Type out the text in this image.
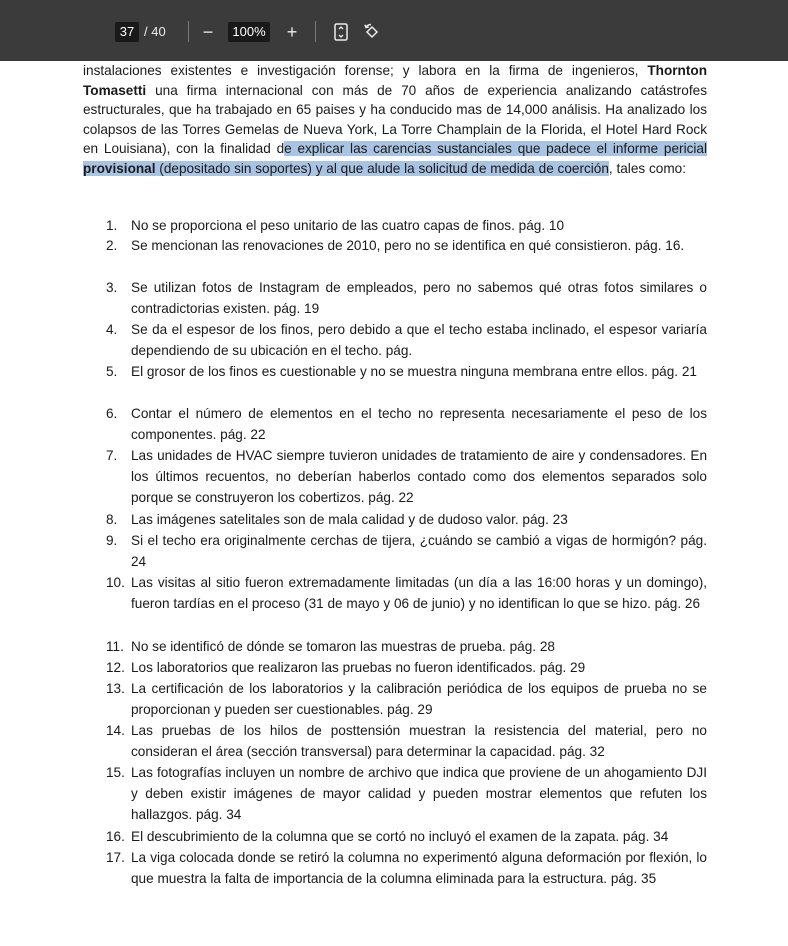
37 / 40 −	100% +

instalaciones existentes e investigación forense; y labora en la firma de ingenieros, Thornton Tomasetti una firma internacional con más de 70 años de experiencia analizando catástrofes estructurales, que ha trabajado en 65 paises y ha conducido mas de 14,000 análisis. Ha analizado los colapsos de las Torres Gemelas de Nueva York, La Torre Champlain de la Florida, el Hotel Hard Rock en Louisiana), con la finalidad de explicar las carencias sustanciales que padece el informe pericial provisional (depositado sin soportes) y al que alude la solicitud de medida de coerción, tales como:

1.	No se proporciona el peso unitario de las cuatro capas de finos. pág. 10
2.	Se mencionan las renovaciones de 2010, pero no se identifica en qué consistieron. pág. 16.
3.	Se utilizan fotos de Instagram de empleados, pero no sabemos qué otras fotos similares o contradictorias existen. pág. 19
4.	Se da el espesor de los finos, pero debido a que el techo estaba inclinado, el espesor variaría dependiendo de su ubicación en el techo. pág.
5.	El grosor de los finos es cuestionable y no se muestra ninguna membrana entre ellos. pág. 21
6.	Contar el número de elementos en el techo no representa necesariamente el peso de los componentes. pág. 22
7.	Las unidades de HVAC siempre tuvieron unidades de tratamiento de aire y condensadores. En los últimos recuentos, no deberían haberlos contado como dos elementos separados solo porque se construyeron los cobertizos. pág. 22
8.	Las imágenes satelitales son de mala calidad y de dudoso valor. pág. 23
9.	Si el techo era originalmente cerchas de tijera, ¿cuándo se cambió a vigas de hormigón? pág. 24
10. Las visitas al sitio fueron extremadamente limitadas (un día a las 16:00 horas y un domingo), fueron tardías en el proceso (31 de mayo y 06 de junio) y no identifican lo que se hizo. pág. 26
11. No se identificó de dónde se tomaron las muestras de prueba. pág. 28
12. Los laboratorios que realizaron las pruebas no fueron identificados. pág. 29
13. La certificación de los laboratorios y la calibración periódica de los equipos de prueba no se proporcionan y pueden ser cuestionables. pág. 29
14. Las pruebas de los hilos de posttensión muestran la resistencia del material, pero no consideran el área (sección transversal) para determinar la capacidad. pág. 32
15. Las fotografías incluyen un nombre de archivo que indica que proviene de un ahogamiento DJI y deben existir imágenes de mayor calidad y pueden mostrar elementos que refuten los hallazgos. pág. 34
16. El descubrimiento de la columna que se cortó no incluyó el examen de la zapata. pág. 34
17. La viga colocada donde se retiró la columna no experimentó alguna deformación por flexión, lo que muestra la falta de importancia de la columna eliminada para la estructura. pág. 35
